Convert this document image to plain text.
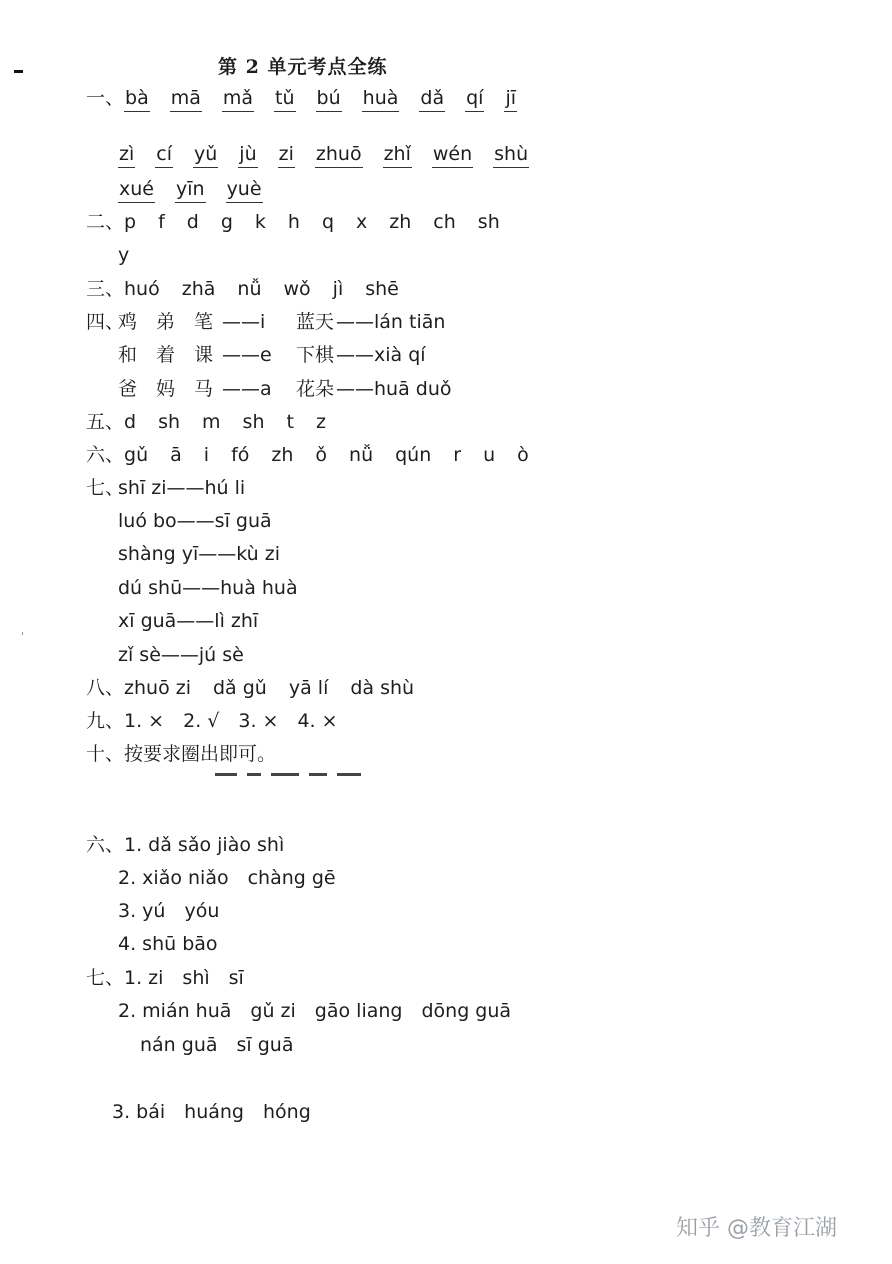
第 2 单元考点全练
一、bà mā mǎ tǔ bú huà dǎ qí jī
zì cí yǔ jù zi zhuō zhǐ wén shù
xué yīn yuè
二、p f d g k h q x zh ch sh
y
三、huó zhā nǚ wǒ jì shē
四、
鸡　弟　笔 ——i 蓝天 ——lán tiān
和　着　课 ——e 下棋 ——xià qí
爸　妈　马 ——a 花朵 ——huā duǒ
五、d sh m sh t z
六、gǔ ā i fó zh ǒ nǚ qún r u ò
七、
shī zi——hú li
luó bo——sī guā
shàng yī——kù zi
dú shū——huà huà
xī guā——lì zhī
zǐ sè——jú sè
八、zhuō zi dǎ gǔ yā lí dà shù
九、1. ×　2. √　3. ×　4. ×
十、按要求圈出即可。
六、1. dǎ sǎo jiào shì
2. xiǎo niǎo　chàng gē
3. yú　yóu
4. shū bāo
七、1. zi　shì　sī
2. mián huā　gǔ zi　gāo liang　dōng guā
nán guā　sī guā
3. bái　huáng　hóng
知乎 @教育江湖
